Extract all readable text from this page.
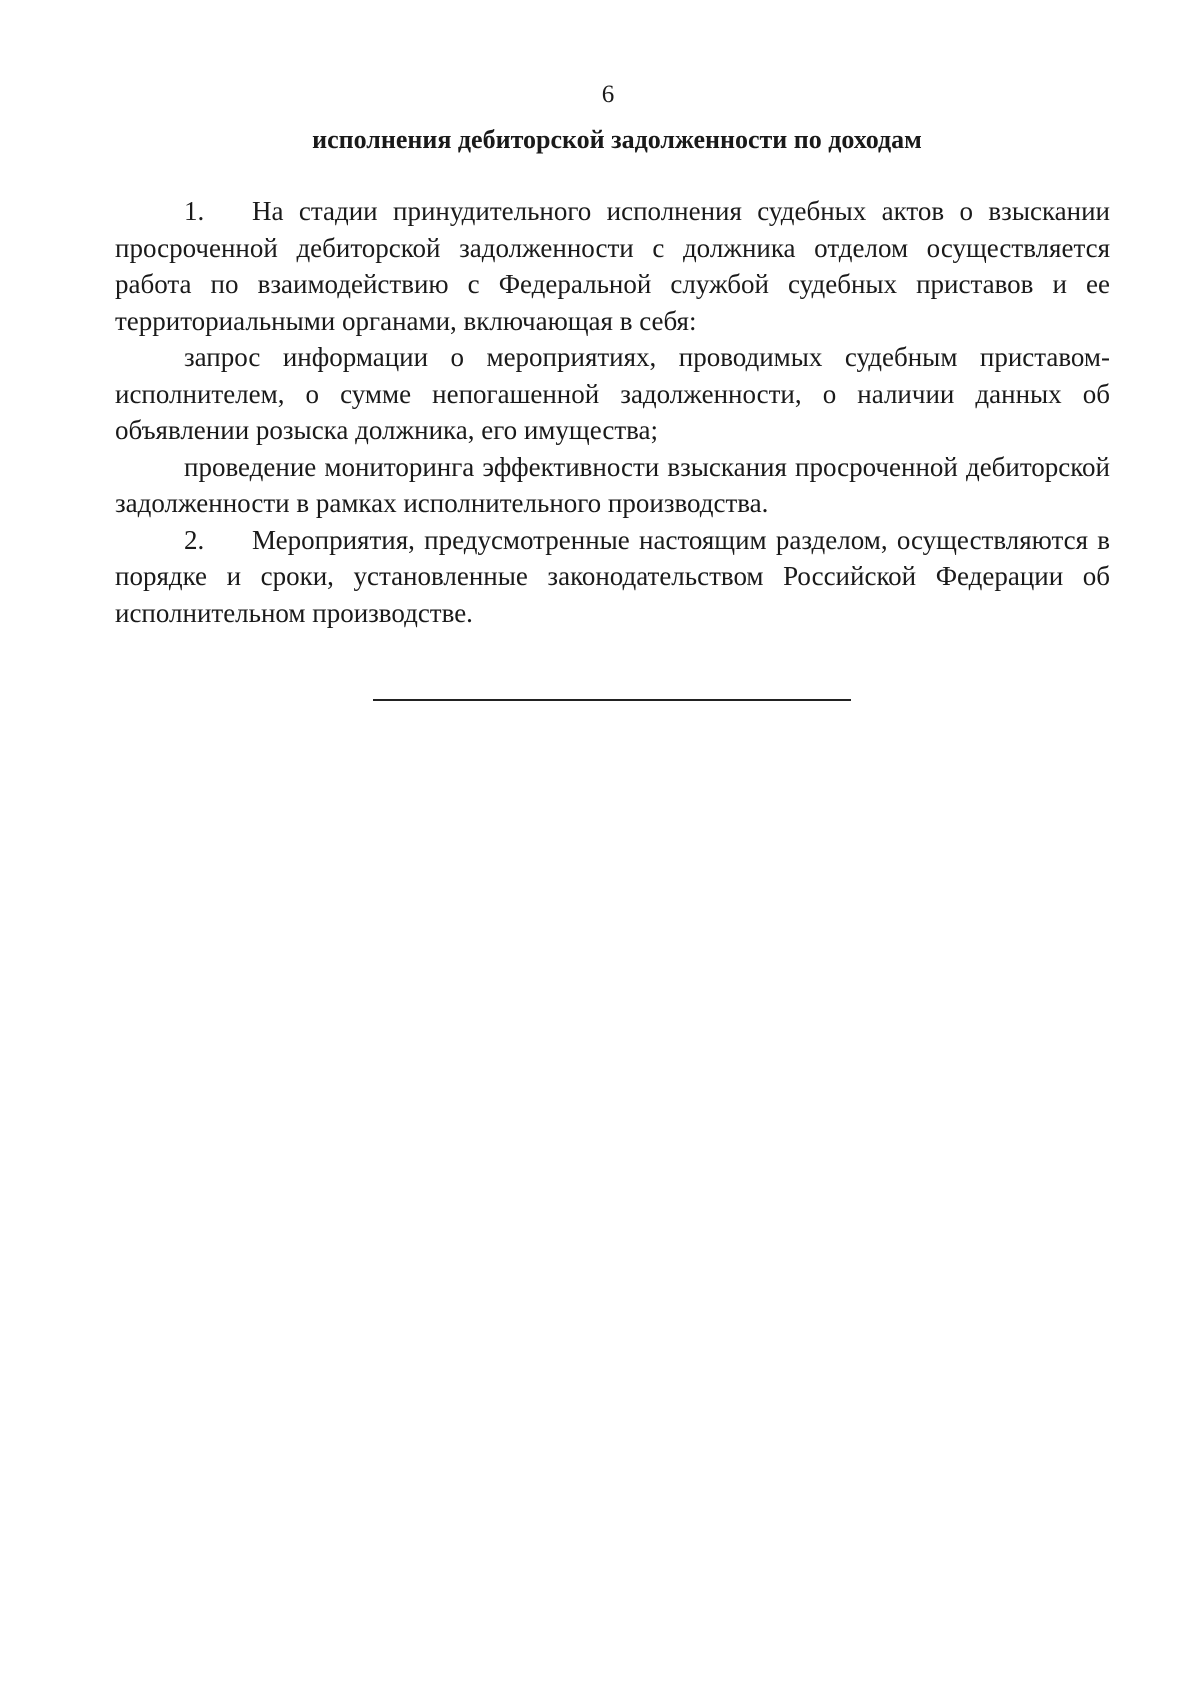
6
исполнения дебиторской задолженности по доходам

1. На стадии принудительного исполнения судебных актов о взыскании просроченной дебиторской задолженности с должника отделом осуществляется работа по взаимодействию с Федеральной службой судебных приставов и ее территориальными органами, включающая в себя:

запрос информации о мероприятиях, проводимых судебным приставом-исполнителем, о сумме непогашенной задолженности, о наличии данных об объявлении розыска должника, его имущества;

проведение мониторинга эффективности взыскания просроченной дебиторской задолженности в рамках исполнительного производства.

2. Мероприятия, предусмотренные настоящим разделом, осуществляются в порядке и сроки, установленные законодательством Российской Федерации об исполнительном производстве.
